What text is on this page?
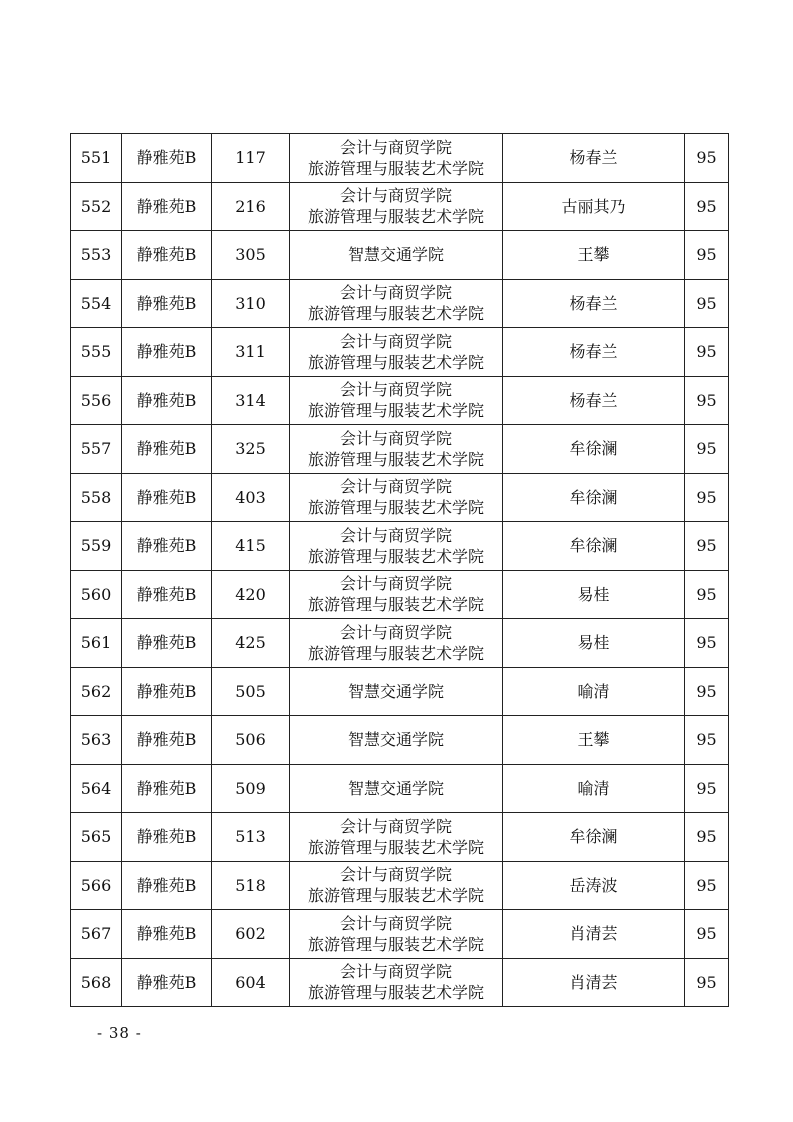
551	静雅苑B	117	会计与商贸学院
旅游管理与服装艺术学院	杨春兰	95
552	静雅苑B	216	会计与商贸学院
旅游管理与服装艺术学院	古丽其乃	95
553	静雅苑B	305	智慧交通学院	王攀	95
554	静雅苑B	310	会计与商贸学院
旅游管理与服装艺术学院	杨春兰	95
555	静雅苑B	311	会计与商贸学院
旅游管理与服装艺术学院	杨春兰	95
556	静雅苑B	314	会计与商贸学院
旅游管理与服装艺术学院	杨春兰	95
557	静雅苑B	325	会计与商贸学院
旅游管理与服装艺术学院	牟徐澜	95
558	静雅苑B	403	会计与商贸学院
旅游管理与服装艺术学院	牟徐澜	95
559	静雅苑B	415	会计与商贸学院
旅游管理与服装艺术学院	牟徐澜	95
560	静雅苑B	420	会计与商贸学院
旅游管理与服装艺术学院	易桂	95
561	静雅苑B	425	会计与商贸学院
旅游管理与服装艺术学院	易桂	95
562	静雅苑B	505	智慧交通学院	喻清	95
563	静雅苑B	506	智慧交通学院	王攀	95
564	静雅苑B	509	智慧交通学院	喻清	95
565	静雅苑B	513	会计与商贸学院
旅游管理与服装艺术学院	牟徐澜	95
566	静雅苑B	518	会计与商贸学院
旅游管理与服装艺术学院	岳涛波	95
567	静雅苑B	602	会计与商贸学院
旅游管理与服装艺术学院	肖清芸	95
568	静雅苑B	604	会计与商贸学院
旅游管理与服装艺术学院	肖清芸	95
- 38 -
